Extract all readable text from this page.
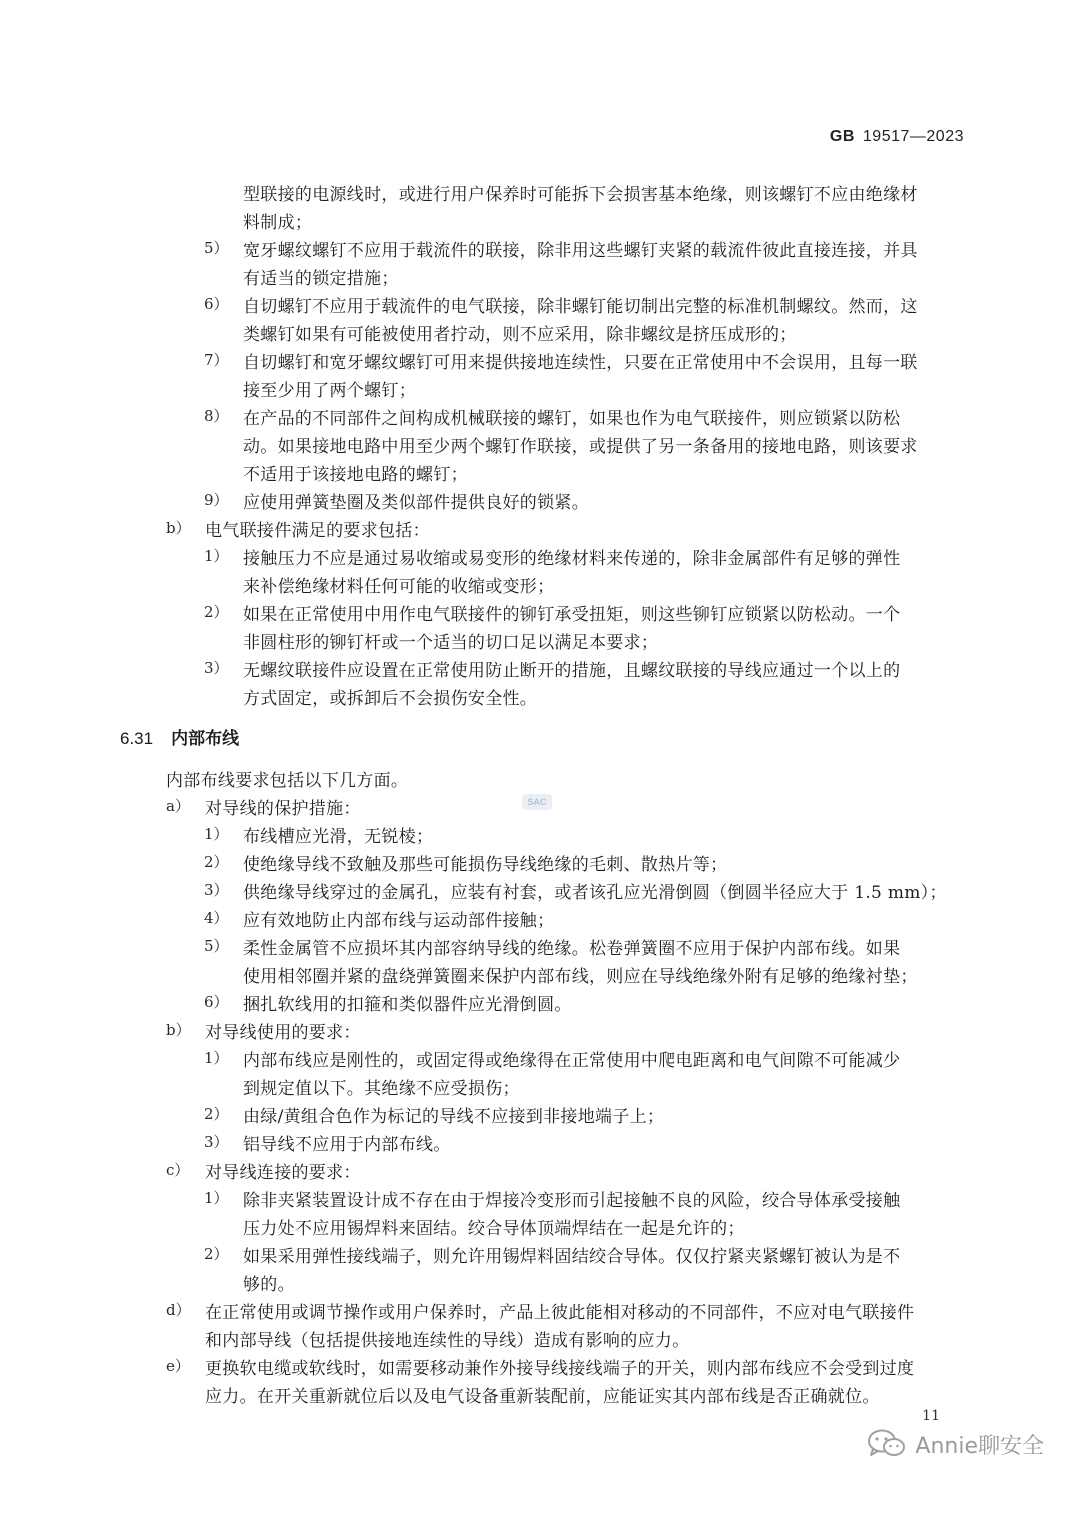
GB 19517—2023
型联接的电源线时，或进行用户保养时可能拆下会损害基本绝缘，则该螺钉不应由绝缘材
料制成；
5） 宽牙螺纹螺钉不应用于载流件的联接，除非用这些螺钉夹紧的载流件彼此直接连接，并具
有适当的锁定措施；
6） 自切螺钉不应用于载流件的电气联接，除非螺钉能切制出完整的标准机制螺纹。然而，这
类螺钉如果有可能被使用者拧动，则不应采用，除非螺纹是挤压成形的；
7） 自切螺钉和宽牙螺纹螺钉可用来提供接地连续性，只要在正常使用中不会误用，且每一联
接至少用了两个螺钉；
8） 在产品的不同部件之间构成机械联接的螺钉，如果也作为电气联接件，则应锁紧以防松
动。如果接地电路中用至少两个螺钉作联接，或提供了另一条备用的接地电路，则该要求
不适用于该接地电路的螺钉；
9） 应使用弹簧垫圈及类似部件提供良好的锁紧。
b） 电气联接件满足的要求包括：
1） 接触压力不应是通过易收缩或易变形的绝缘材料来传递的，除非金属部件有足够的弹性
来补偿绝缘材料任何可能的收缩或变形；
2） 如果在正常使用中用作电气联接件的铆钉承受扭矩，则这些铆钉应锁紧以防松动。一个
非圆柱形的铆钉杆或一个适当的切口足以满足本要求；
3） 无螺纹联接件应设置在正常使用防止断开的措施，且螺纹联接的导线应通过一个以上的
方式固定，或拆卸后不会损伤安全性。
内部布线要求包括以下几方面。
a） 对导线的保护措施：
1） 布线槽应光滑，无锐棱；
2） 使绝缘导线不致触及那些可能损伤导线绝缘的毛刺、散热片等；
3） 供绝缘导线穿过的金属孔，应装有衬套，或者该孔应光滑倒圆（倒圆半径应大于 1.5 mm）；
4） 应有效地防止内部布线与运动部件接触；
5） 柔性金属管不应损坏其内部容纳导线的绝缘。松卷弹簧圈不应用于保护内部布线。如果
使用相邻圈并紧的盘绕弹簧圈来保护内部布线，则应在导线绝缘外附有足够的绝缘衬垫；
6） 捆扎软线用的扣箍和类似器件应光滑倒圆。
b） 对导线使用的要求：
1） 内部布线应是刚性的，或固定得或绝缘得在正常使用中爬电距离和电气间隙不可能减少
到规定值以下。其绝缘不应受损伤；
2） 由绿/黄组合色作为标记的导线不应接到非接地端子上；
3） 铝导线不应用于内部布线。
c） 对导线连接的要求：
1） 除非夹紧装置设计成不存在由于焊接冷变形而引起接触不良的风险，绞合导体承受接触
压力处不应用锡焊料来固结。绞合导体顶端焊结在一起是允许的；
2） 如果采用弹性接线端子，则允许用锡焊料固结绞合导体。仅仅拧紧夹紧螺钉被认为是不
够的。
d） 在正常使用或调节操作或用户保养时，产品上彼此能相对移动的不同部件，不应对电气联接件
和内部导线（包括提供接地连续性的导线）造成有影响的应力。
e） 更换软电缆或软线时，如需要移动兼作外接导线接线端子的开关，则内部布线应不会受到过度
应力。在开关重新就位后以及电气设备重新装配前，应能证实其内部布线是否正确就位。
6.31 内部布线
SAC
11
Annie聊安全
